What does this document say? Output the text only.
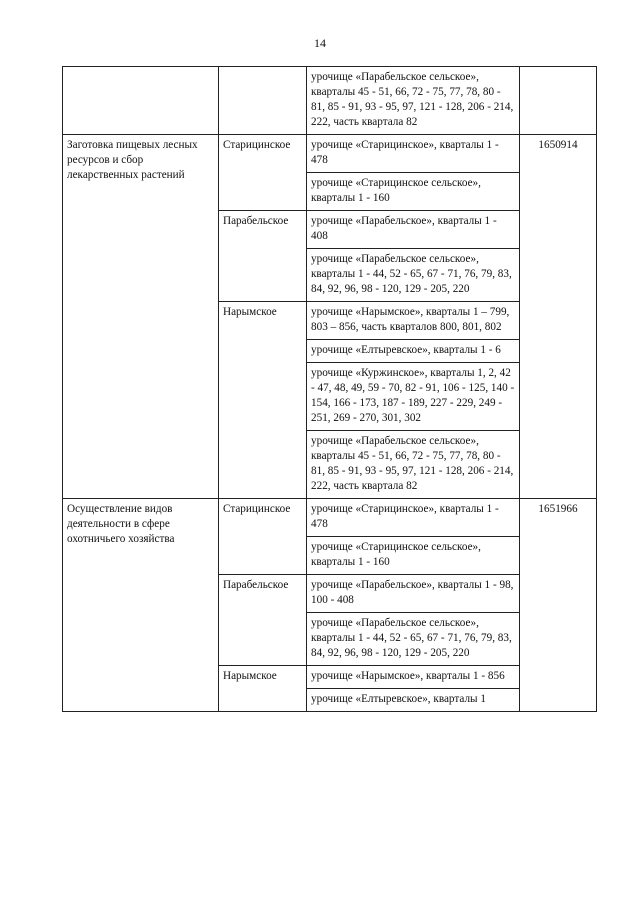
14
		урочище «Парабельское сельское», кварталы 45 - 51, 66, 72 - 75, 77, 78, 80 - 81, 85 - 91, 93 - 95, 97, 121 - 128, 206 - 214, 222, часть квартала 82	
Заготовка пищевых лесных ресурсов и сбор лекарственных растений	Старицинское	урочище «Старицинское», кварталы 1 - 478	1650914
		урочище «Старицинское сельское», кварталы 1 - 160	
	Парабельское	урочище «Парабельское», кварталы 1 - 408	
		урочище «Парабельское сельское», кварталы 1 - 44, 52 - 65, 67 - 71, 76, 79, 83, 84, 92, 96, 98 - 120, 129 - 205, 220	
	Нарымское	урочище «Нарымское», кварталы 1 – 799, 803 – 856, часть кварталов 800, 801, 802	
		урочище «Елтыревское», кварталы 1 - 6	
		урочище «Куржинское», кварталы 1, 2, 42 - 47, 48, 49, 59 - 70, 82 - 91, 106 - 125, 140 - 154, 166 - 173, 187 - 189, 227 - 229, 249 - 251, 269 - 270, 301, 302	
		урочище «Парабельское сельское», кварталы 45 - 51, 66, 72 - 75, 77, 78, 80 - 81, 85 - 91, 93 - 95, 97, 121 - 128, 206 - 214, 222, часть квартала 82	
Осуществление видов деятельности в сфере охотничьего хозяйства	Старицинское	урочище «Старицинское», кварталы 1 - 478	1651966
		урочище «Старицинское сельское», кварталы 1 - 160	
	Парабельское	урочище «Парабельское», кварталы 1 - 98, 100 - 408	
		урочище «Парабельское сельское», кварталы 1 - 44, 52 - 65, 67 - 71, 76, 79, 83, 84, 92, 96, 98 - 120, 129 - 205, 220	
	Нарымское	урочище «Нарымское», кварталы 1 - 856	
		урочище «Елтыревское», кварталы 1	
